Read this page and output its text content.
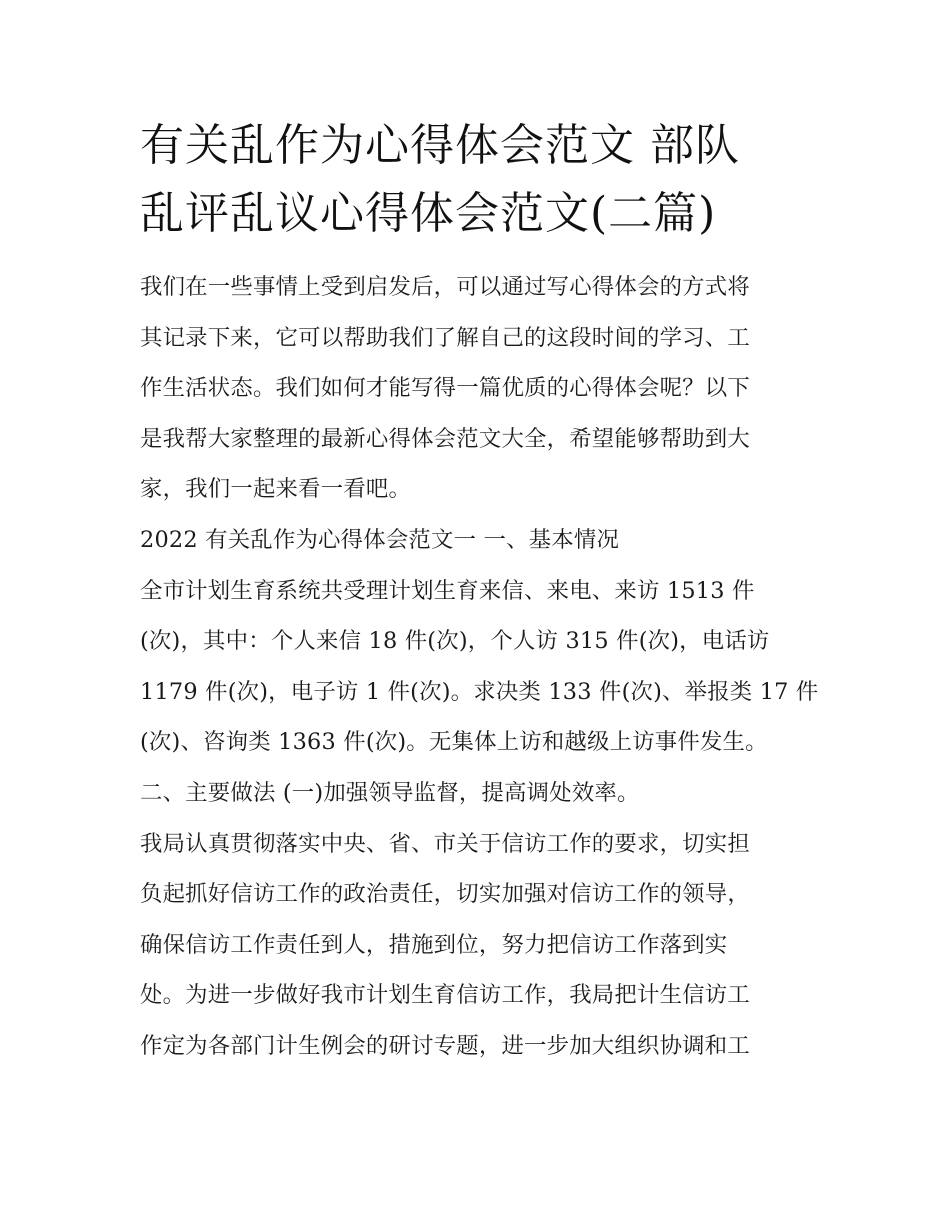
有关乱作为心得体会范文 部队
乱评乱议心得体会范文(二篇)
我们在一些事情上受到启发后，可以通过写心得体会的方式将
其记录下来，它可以帮助我们了解自己的这段时间的学习、工
作生活状态。我们如何才能写得一篇优质的心得体会呢？以下
是我帮大家整理的最新心得体会范文大全，希望能够帮助到大
家，我们一起来看一看吧。
2022 有关乱作为心得体会范文一 一、基本情况
全市计划生育系统共受理计划生育来信、来电、来访 1513 件
(次)，其中：个人来信 18 件(次)，个人访 315 件(次)，电话访
1179 件(次)，电子访 1 件(次)。求决类 133 件(次)、举报类 17 件
(次)、咨询类 1363 件(次)。无集体上访和越级上访事件发生。
二、主要做法 (一)加强领导监督，提高调处效率。
我局认真贯彻落实中央、省、市关于信访工作的要求，切实担
负起抓好信访工作的政治责任，切实加强对信访工作的领导，
确保信访工作责任到人，措施到位，努力把信访工作落到实
处。为进一步做好我市计划生育信访工作，我局把计生信访工
作定为各部门计生例会的研讨专题，进一步加大组织协调和工
